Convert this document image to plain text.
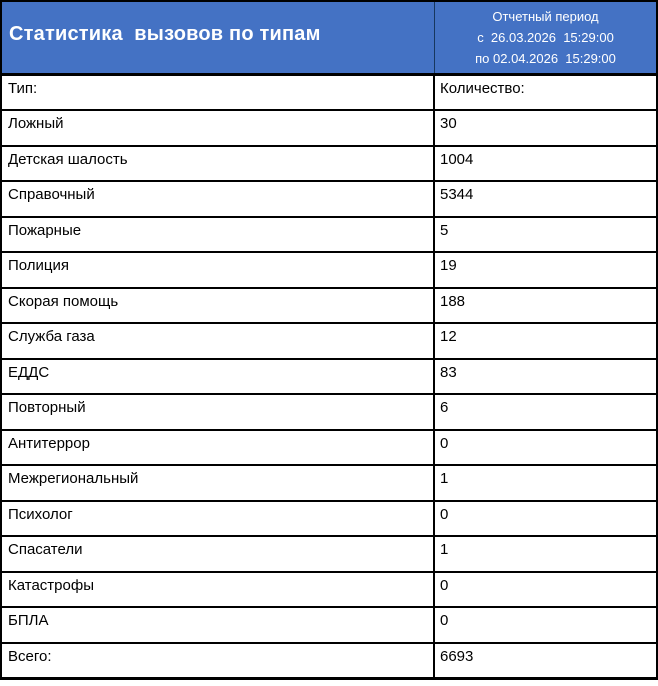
Статистика  вызовов по типам
Отчетный период
с  26.03.2026  15:29:00
по 02.04.2026  15:29:00
Тип:	Количество:
Ложный	30
Детская шалость	1004
Справочный	5344
Пожарные	5
Полиция	19
Скорая помощь	188
Служба газа	12
ЕДДС	83
Повторный	6
Антитеррор	0
Межрегиональный	1
Психолог	0
Спасатели	1
Катастрофы	0
БПЛА	0
Всего:	6693
